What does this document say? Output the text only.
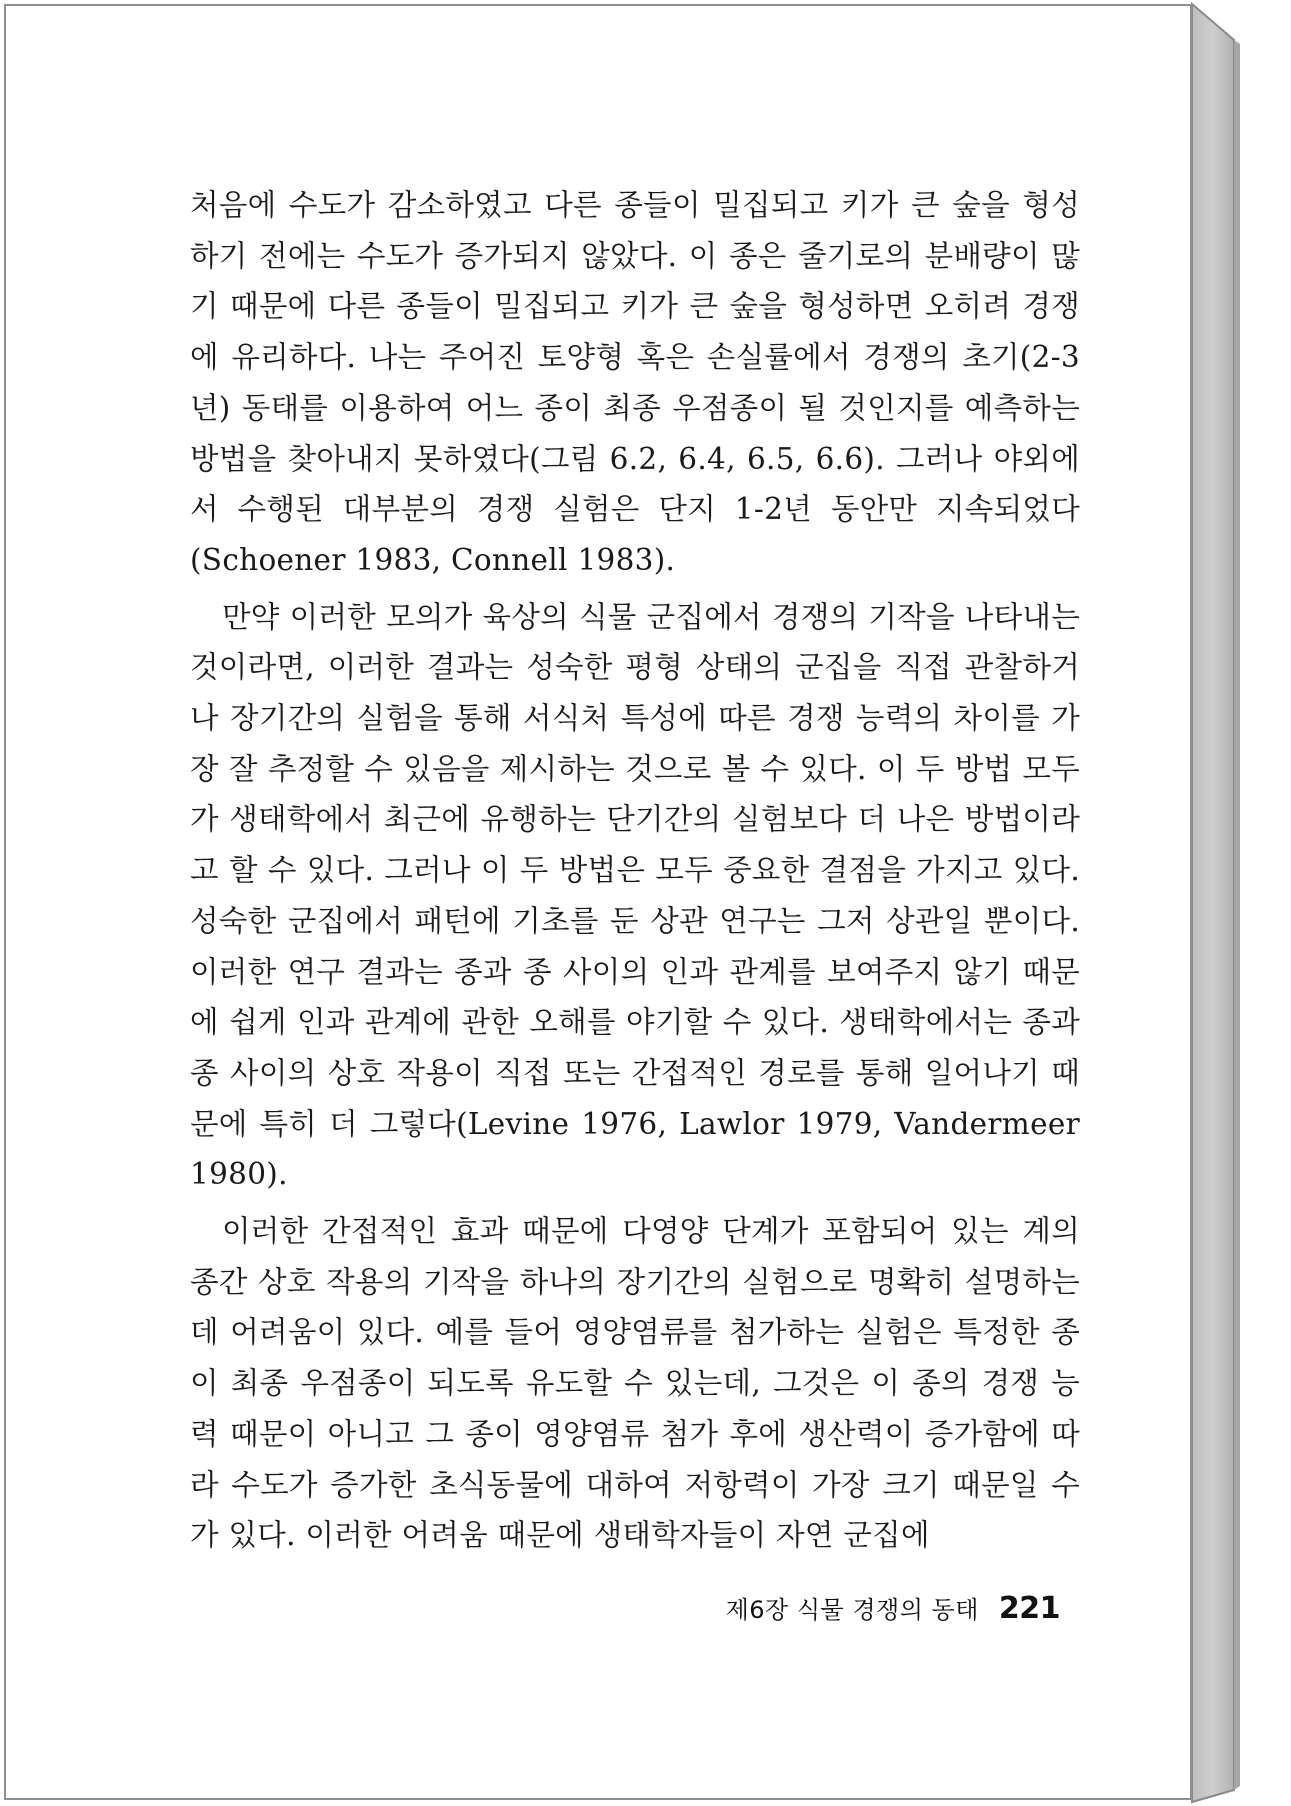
처음에 수도가 감소하였고 다른 종들이 밀집되고 키가 큰 숲을 형성하기 전에는 수도가 증가되지 않았다. 이 종은 줄기로의 분배량이 많기 때문에 다른 종들이 밀집되고 키가 큰 숲을 형성하면 오히려 경쟁에 유리하다. 나는 주어진 토양형 혹은 손실률에서 경쟁의 초기(2-3년) 동태를 이용하여 어느 종이 최종 우점종이 될 것인지를 예측하는 방법을 찾아내지 못하였다(그림 6.2, 6.4, 6.5, 6.6). 그러나 야외에서 수행된 대부분의 경쟁 실험은 단지 1-2년 동안만 지속되었다(Schoener 1983, Connell 1983).

만약 이러한 모의가 육상의 식물 군집에서 경쟁의 기작을 나타내는 것이라면, 이러한 결과는 성숙한 평형 상태의 군집을 직접 관찰하거나 장기간의 실험을 통해 서식처 특성에 따른 경쟁 능력의 차이를 가장 잘 추정할 수 있음을 제시하는 것으로 볼 수 있다. 이 두 방법 모두가 생태학에서 최근에 유행하는 단기간의 실험보다 더 나은 방법이라고 할 수 있다. 그러나 이 두 방법은 모두 중요한 결점을 가지고 있다. 성숙한 군집에서 패턴에 기초를 둔 상관 연구는 그저 상관일 뿐이다. 이러한 연구 결과는 종과 종 사이의 인과 관계를 보여주지 않기 때문에 쉽게 인과 관계에 관한 오해를 야기할 수 있다. 생태학에서는 종과 종 사이의 상호 작용이 직접 또는 간접적인 경로를 통해 일어나기 때문에 특히 더 그렇다(Levine 1976, Lawlor 1979, Vandermeer 1980).

이러한 간접적인 효과 때문에 다영양 단계가 포함되어 있는 계의 종간 상호 작용의 기작을 하나의 장기간의 실험으로 명확히 설명하는 데 어려움이 있다. 예를 들어 영양염류를 첨가하는 실험은 특정한 종이 최종 우점종이 되도록 유도할 수 있는데, 그것은 이 종의 경쟁 능력 때문이 아니고 그 종이 영양염류 첨가 후에 생산력이 증가함에 따라 수도가 증가한 초식동물에 대하여 저항력이 가장 크기 때문일 수가 있다. 이러한 어려움 때문에 생태학자들이 자연 군집에

제6장 식물 경쟁의 동태 221
